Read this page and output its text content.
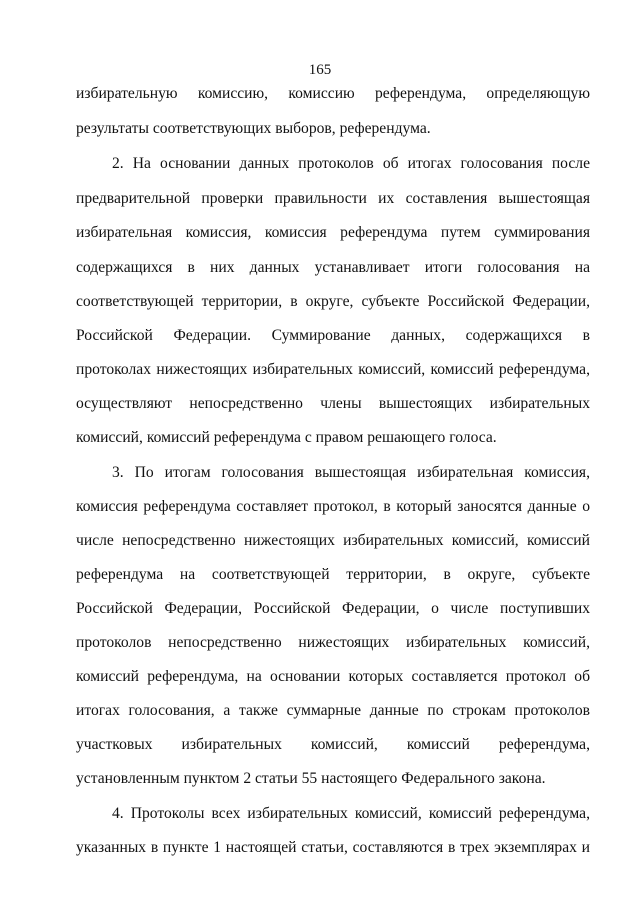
165
избирательную комиссию, комиссию референдума, определяющую
результаты соответствующих выборов, референдума.
2. На основании данных протоколов об итогах голосования после
предварительной проверки правильности их составления вышестоящая
избирательная комиссия, комиссия референдума путем суммирования
содержащихся в них данных устанавливает итоги голосования на
соответствующей территории, в округе, субъекте Российской Федерации,
Российской Федерации. Суммирование данных, содержащихся в
протоколах нижестоящих избирательных комиссий, комиссий референдума,
осуществляют непосредственно члены вышестоящих избирательных
комиссий, комиссий референдума с правом решающего голоса.
3. По итогам голосования вышестоящая избирательная комиссия,
комиссия референдума составляет протокол, в который заносятся данные о
числе непосредственно нижестоящих избирательных комиссий, комиссий
референдума на соответствующей территории, в округе, субъекте
Российской Федерации, Российской Федерации, о числе поступивших
протоколов непосредственно нижестоящих избирательных комиссий,
комиссий референдума, на основании которых составляется протокол об
итогах голосования, а также суммарные данные по строкам протоколов
участковых избирательных комиссий, комиссий референдума,
установленным пунктом 2 статьи 55 настоящего Федерального закона.
4. Протоколы всех избирательных комиссий, комиссий референдума,
указанных в пункте 1 настоящей статьи, составляются в трех экземплярах и
